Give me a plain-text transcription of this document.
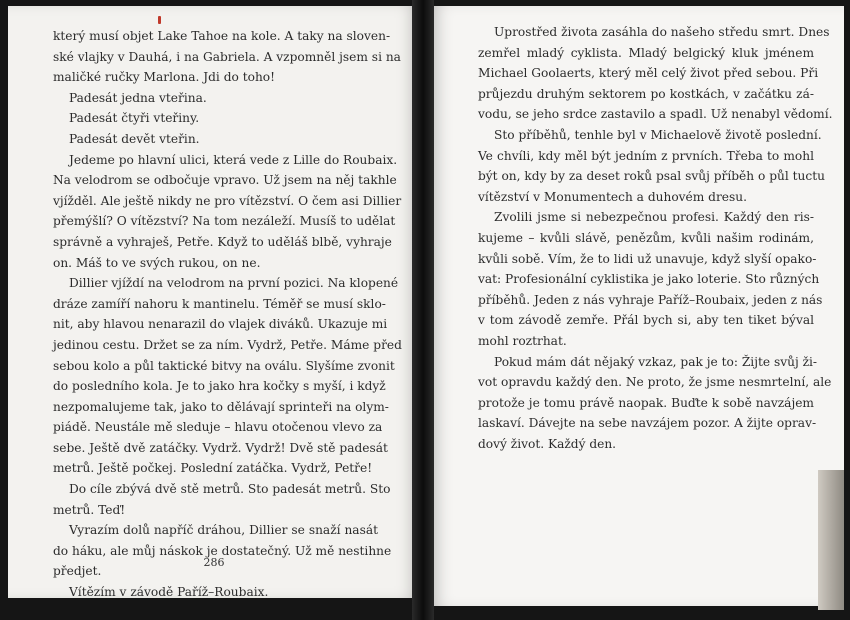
který musí objet Lake Tahoe na kole. A taky na sloven-
ské vlajky v Dauhá, i na Gabriela. A vzpomněl jsem si na
maličké ručky Marlona. Jdi do toho!
Padesát jedna vteřina.
Padesát čtyři vteřiny.
Padesát devět vteřin.
Jedeme po hlavní ulici, která vede z Lille do Roubaix.
Na velodrom se odbočuje vpravo. Už jsem na něj takhle
vjížděl. Ale ještě nikdy ne pro vítězství. O čem asi Dillier
přemýšlí? O vítězství? Na tom nezáleží. Musíš to udělat
správně a vyhraješ, Petře. Když to uděláš blbě, vyhraje
on. Máš to ve svých rukou, on ne.
Dillier vjíždí na velodrom na první pozici. Na klopené
dráze zamíří nahoru k mantinelu. Téměř se musí sklo-
nit, aby hlavou nenarazil do vlajek diváků. Ukazuje mi
jedinou cestu. Držet se za ním. Vydrž, Petře. Máme před
sebou kolo a půl taktické bitvy na oválu. Slyšíme zvonit
do posledního kola. Je to jako hra kočky s myší, i když
nezpomalujeme tak, jako to dělávají sprinteři na olym-
piádě. Neustále mě sleduje – hlavu otočenou vlevo za
sebe. Ještě dvě zatáčky. Vydrž. Vydrž! Dvě stě padesát
metrů. Ještě počkej. Poslední zatáčka. Vydrž, Petře!
Do cíle zbývá dvě stě metrů. Sto padesát metrů. Sto
metrů. Teď!
Vyrazím dolů napříč dráhou, Dillier se snaží nasát
do háku, ale můj náskok je dostatečný. Už mě nestihne
předjet.
Vítězím v závodě Paříž–Roubaix.
286
Uprostřed života zasáhla do našeho středu smrt. Dnes
zemřel mladý cyklista. Mladý belgický kluk jménem
Michael Goolaerts, který měl celý život před sebou. Při
průjezdu druhým sektorem po kostkách, v začátku zá-
vodu, se jeho srdce zastavilo a spadl. Už nenabyl vědomí.
Sto příběhů, tenhle byl v Michaelově životě poslední.
Ve chvíli, kdy měl být jedním z prvních. Třeba to mohl
být on, kdy by za deset roků psal svůj příběh o půl tuctu
vítězství v Monumentech a duhovém dresu.
Zvolili jsme si nebezpečnou profesi. Každý den ris-
kujeme – kvůli slávě, penězům, kvůli našim rodinám,
kvůli sobě. Vím, že to lidi už unavuje, když slyší opako-
vat: Profesionální cyklistika je jako loterie. Sto různých
příběhů. Jeden z nás vyhraje Paříž–Roubaix, jeden z nás
v tom závodě zemře. Přál bych si, aby ten tiket býval
mohl roztrhat.
Pokud mám dát nějaký vzkaz, pak je to: Žijte svůj ži-
vot opravdu každý den. Ne proto, že jsme nesmrtelní, ale
protože je tomu právě naopak. Buďte k sobě navzájem
laskaví. Dávejte na sebe navzájem pozor. A žijte oprav-
dový život. Každý den.
